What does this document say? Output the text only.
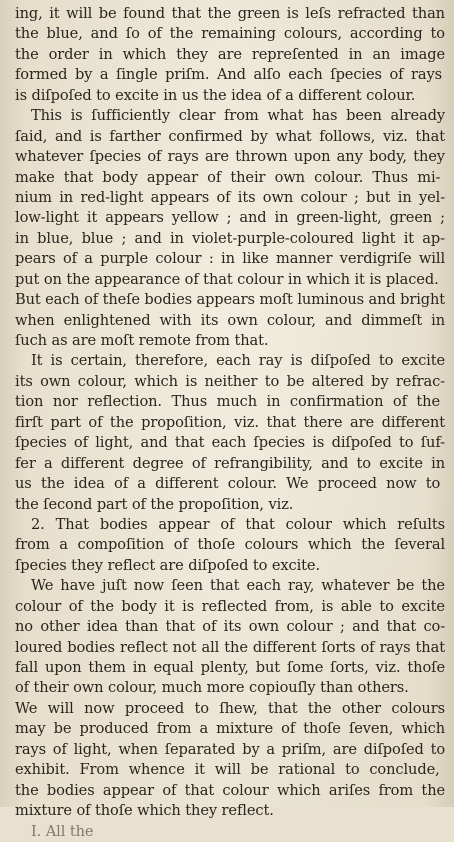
ing, it will be found that the green is leſs refracted than
the blue, and ſo of the remaining colours, according to
the order in which they are repreſented in an image
formed by a ſingle priſm. And alſo each ſpecies of rays
is diſpoſed to excite in us the idea of a different colour.
This is ſufficiently clear from what has been already
ſaid, and is farther confirmed by what follows, viz. that
whatever ſpecies of rays are thrown upon any body, they
make that body appear of their own colour. Thus mi-
nium in red-light appears of its own colour ; but in yel-
low-light it appears yellow ; and in green-light, green ;
in blue, blue ; and in violet-purple-coloured light it ap-
pears of a purple colour : in like manner verdigriſe will
put on the appearance of that colour in which it is placed.
But each of theſe bodies appears moſt luminous and bright
when enlightened with its own colour, and dimmeſt in
ſuch as are moſt remote from that.
It is certain, therefore, each ray is diſpoſed to excite
its own colour, which is neither to be altered by refrac-
tion nor reflection. Thus much in confirmation of the
firſt part of the propoſition, viz. that there are different
ſpecies of light, and that each ſpecies is diſpoſed to ſuf-
fer a different degree of refrangibility, and to excite in
us the idea of a different colour. We proceed now to
the ſecond part of the propoſition, viz.
2. That bodies appear of that colour which reſults
from a compoſition of thoſe colours which the ſeveral
ſpecies they reflect are diſpoſed to excite.
We have juſt now ſeen that each ray, whatever be the
colour of the body it is reflected from, is able to excite
no other idea than that of its own colour ; and that co-
loured bodies reflect not all the different ſorts of rays that
fall upon them in equal plenty, but ſome ſorts, viz. thoſe
of their own colour, much more copiouſly than others.
We will now proceed to ſhew, that the other colours
may be produced from a mixture of thoſe ſeven, which
rays of light, when ſeparated by a priſm, are diſpoſed to
exhibit. From whence it will be rational to conclude,
the bodies appear of that colour which ariſes from the
mixture of thoſe which they reflect.
I. All the
